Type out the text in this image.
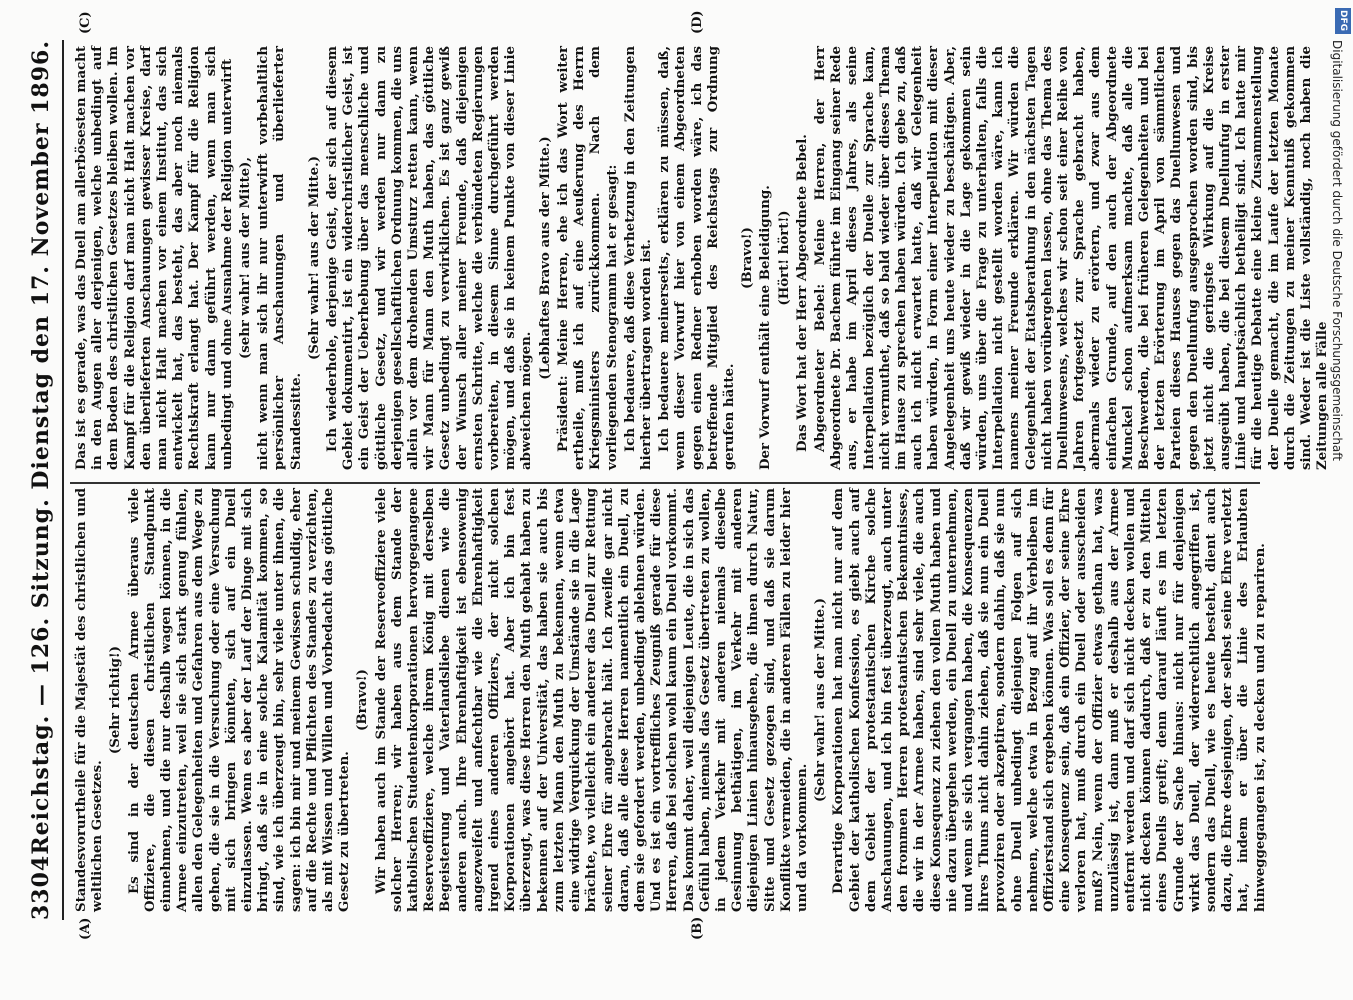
3304
Reichstag. — 126. Sitzung. Dienstag den 17. November 1896.
(A)	(B)
(C)	(D)

Standesvorurtheile für die Majestät des christlichen und weltlichen Gesetzes.

(Sehr richtig!) Es sind in der deutschen Armee überaus viele Offiziere, die diesen christlichen Standpunkt einnehmen, und die nur deshalb wagen können, in die Armee einzutreten, weil sie sich stark genug fühlen, allen den Gelegenheiten und Gefahren aus dem Wege zu gehen, die sie in die Versuchung oder eine Versuchung mit sich bringen könnten, sich auf ein Duell einzulassen. Wenn es aber der Lauf der Dinge mit sich bringt, daß sie in eine solche Kalamität kommen, so sind, wie ich überzeugt bin, sehr viele unter ihnen, die sagen: ich bin mir und meinem Gewissen schuldig, eher auf die Rechte und Pflichten des Standes zu verzichten, als mit Wissen und Willen und Vorbedacht das göttliche Gesetz zu übertreten.

(Bravo!) Wir haben auch im Stande der Reserveoffiziere viele solcher Herren; wir haben aus dem Stande der katholischen Studentenkorporationen hervorgegangene Reserveoffiziere, welche ihrem König mit derselben Begeisterung und Vaterlandsliebe dienen wie die anderen auch. Ihre Ehrenhaftigkeit ist ebensowenig angezweifelt und anfechtbar wie die Ehrenhaftigkeit irgend eines anderen Offiziers, der nicht solchen Korporationen angehört hat. Aber ich bin fest überzeugt, was diese Herren den Muth gehabt haben zu bekennen auf der Universität, das haben sie auch bis zum letzten Mann den Muth zu bekennen, wenn etwa eine widrige Verquickung der Umstände sie in die Lage brächte, wo vielleicht ein anderer das Duell zur Rettung seiner Ehre für angebracht hält. Ich zweifle gar nicht daran, daß alle diese Herren namentlich ein Duell, zu dem sie gefordert werden, unbedingt ablehnen würden. Und es ist ein vortreffliches Zeugniß gerade für diese Herren, daß bei solchen wohl kaum ein Duell vorkommt. Das kommt daher, weil diejenigen Leute, die in sich das Gefühl haben, niemals das Gesetz übertreten zu wollen, in jedem Verkehr mit anderen niemals dieselbe Gesinnung bethätigen, im Verkehr mit anderen diejenigen Linien hinausgehen, die ihnen durch Natur, Sitte und Gesetz gezogen sind, und daß sie darum Konflikte vermeiden, die in anderen Fällen zu leider hier und da vorkommen.

(Sehr wahr! aus der Mitte.) Derartige Korporationen hat man nicht nur auf dem Gebiet der katholischen Konfession, es giebt auch auf dem Gebiet der protestantischen Kirche solche Anschauungen, und ich bin fest überzeugt, auch unter den frommen Herren protestantischen Bekenntnisses, die wir in der Armee haben, sind sehr viele, die auch diese Konsequenz zu ziehen den vollen Muth haben und nie dazu übergehen werden, ein Duell zu unternehmen, und wenn sie sich vergangen haben, die Konsequenzen ihres Thuns nicht dahin ziehen, daß sie nun ein Duell provoziren oder akzeptiren, sondern dahin, daß sie nun ohne Duell unbedingt diejenigen Folgen auf sich nehmen, welche etwa in Bezug auf ihr Verbleiben im Offizierstand sich ergeben können. Was soll es denn für eine Konsequenz sein, daß ein Offizier, der seine Ehre verloren hat, muß durch ein Duell oder ausscheiden muß? Nein, wenn der Offizier etwas gethan hat, was unzulässig ist, dann muß er deshalb aus der Armee entfernt werden und darf sich nicht decken wollen und nicht decken können dadurch, daß er zu den Mitteln eines Duells greift; denn darauf läuft es im letzten Grunde der Sache hinaus: nicht nur für denjenigen wirkt das Duell, der widerrechtlich angegriffen ist, sondern das Duell, wie es heute besteht, dient auch dazu, die Ehre desjenigen, der selbst seine Ehre verletzt hat, indem er über die Linie des Erlaubten hinweggegangen ist, zu decken und zu repariren.

Das ist es gerade, was das Duell am allerbösesten macht in den Augen aller derjenigen, welche unbedingt auf dem Boden des christlichen Gesetzes bleiben wollen. Im Kampf für die Religion darf man nicht Halt machen vor den überlieferten Anschauungen gewisser Kreise, darf man nicht Halt machen vor einem Institut, das sich entwickelt hat, das besteht, das aber noch niemals Rechtskraft erlangt hat. Der Kampf für die Religion kann nur dann geführt werden, wenn man sich unbedingt und ohne Ausnahme der Religion unterwirft (sehr wahr! aus der Mitte), nicht wenn man sich ihr nur unterwirft vorbehaltlich persönlicher Anschauungen und überlieferter Standessitte.

(Sehr wahr! aus der Mitte.) Ich wiederhole, derjenige Geist, der sich auf diesem Gebiet dokumentirt, ist ein widerchristlicher Geist, ist ein Geist der Ueberhebung über das menschliche und göttliche Gesetz, und wir werden nur dann zu derjenigen gesellschaftlichen Ordnung kommen, die uns allein vor dem drohenden Umsturz retten kann, wenn wir Mann für Mann den Muth haben, das göttliche Gesetz unbedingt zu verwirklichen. Es ist ganz gewiß der Wunsch aller meiner Freunde, daß diejenigen ernsten Schritte, welche die verbündeten Regierungen vorbereiten, in diesem Sinne durchgeführt werden mögen, und daß sie in keinem Punkte von dieser Linie abweichen mögen.

(Lebhaftes Bravo aus der Mitte.) Präsident: Meine Herren, ehe ich das Wort weiter ertheile, muß ich auf eine Aeußerung des Herrn Kriegsministers zurückkommen. Nach dem vorliegenden Stenogramm hat er gesagt: Ich bedauere, daß diese Verhetzung in den Zeitungen hierher übertragen worden ist. Ich bedauere meinerseits, erklären zu müssen, daß, wenn dieser Vorwurf hier von einem Abgeordneten gegen einen Redner erhoben worden wäre, ich das betreffende Mitglied des Reichstags zur Ordnung gerufen hätte.

(Bravo!) Der Vorwurf enthält eine Beleidigung. (Hört! hört!) Das Wort hat der Herr Abgeordnete Bebel. Abgeordneter Bebel: Meine Herren, der Herr Abgeordnete Dr. Bachem führte im Eingang seiner Rede aus, er habe im April dieses Jahres, als seine Interpellation bezüglich der Duelle zur Sprache kam, nicht vermuthet, daß so bald wieder über dieses Thema im Hause zu sprechen haben würden. Ich gebe zu, daß auch ich nicht erwartet hatte, daß wir Gelegenheit haben würden, in Form einer Interpellation mit dieser Angelegenheit uns heute wieder zu beschäftigen. Aber, daß wir gewiß wieder in die Lage gekommen sein würden, uns über die Frage zu unterhalten, falls die Interpellation nicht gestellt worden wäre, kann ich namens meiner Freunde erklären. Wir würden die Gelegenheit der Etatsberathung in den nächsten Tagen nicht haben vorübergehen lassen, ohne das Thema des Duellunwesens, welches wir schon seit einer Reihe von Jahren fortgesetzt zur Sprache gebracht haben, abermals wieder zu erörtern, und zwar aus dem einfachen Grunde, auf den auch der Abgeordnete Munckel schon aufmerksam machte, daß alle die Beschwerden, die bei früheren Gelegenheiten und bei der letzten Erörterung im April von sämmtlichen Parteien dieses Hauses gegen das Duellunwesen und gegen den Duellunfug ausgesprochen worden sind, bis jetzt nicht die geringste Wirkung auf die Kreise ausgeübt haben, die bei diesem Duellunfug in erster Linie und hauptsächlich betheiligt sind. Ich hatte mir für die heutige Debatte eine kleine Zusammenstellung der Duelle gemacht, die im Laufe der letzten Monate durch die Zeitungen zu meiner Kenntniß gekommen sind. Weder ist die Liste vollständig, noch haben die Zeitungen alle Fälle

DFG
Digitalisierung gefördert durch die Deutsche Forschungsgemeinschaft
